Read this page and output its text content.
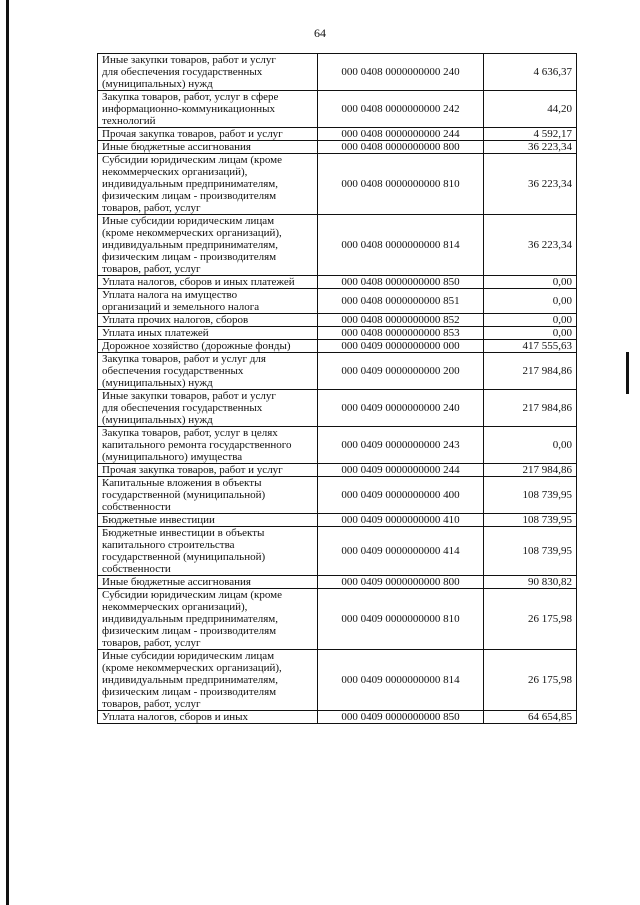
64
Иные закупки товаров, работ и услуг
для обеспечения государственных
(муниципальных) нужд	000 0408 0000000000 240	4 636,37
Закупка товаров, работ, услуг в сфере
информационно-коммуникационных
технологий	000 0408 0000000000 242	44,20
Прочая закупка товаров, работ и услуг	000 0408 0000000000 244	4 592,17
Иные бюджетные ассигнования	000 0408 0000000000 800	36 223,34
Субсидии юридическим лицам (кроме
некоммерческих организаций),
индивидуальным предпринимателям,
физическим лицам - производителям
товаров, работ, услуг	000 0408 0000000000 810	36 223,34
Иные субсидии юридическим лицам
(кроме некоммерческих организаций),
индивидуальным предпринимателям,
физическим лицам - производителям
товаров, работ, услуг	000 0408 0000000000 814	36 223,34
Уплата налогов, сборов и иных платежей	000 0408 0000000000 850	0,00
Уплата налога на имущество
организаций и земельного налога	000 0408 0000000000 851	0,00
Уплата прочих налогов, сборов	000 0408 0000000000 852	0,00
Уплата иных платежей	000 0408 0000000000 853	0,00
Дорожное хозяйство (дорожные фонды)	000 0409 0000000000 000	417 555,63
Закупка товаров, работ и услуг для
обеспечения государственных
(муниципальных) нужд	000 0409 0000000000 200	217 984,86
Иные закупки товаров, работ и услуг
для обеспечения государственных
(муниципальных) нужд	000 0409 0000000000 240	217 984,86
Закупка товаров, работ, услуг в целях
капитального ремонта государственного
(муниципального) имущества	000 0409 0000000000 243	0,00
Прочая закупка товаров, работ и услуг	000 0409 0000000000 244	217 984,86
Капитальные вложения в объекты
государственной (муниципальной)
собственности	000 0409 0000000000 400	108 739,95
Бюджетные инвестиции	000 0409 0000000000 410	108 739,95
Бюджетные инвестиции в объекты
капитального строительства
государственной (муниципальной)
собственности	000 0409 0000000000 414	108 739,95
Иные бюджетные ассигнования	000 0409 0000000000 800	90 830,82
Субсидии юридическим лицам (кроме
некоммерческих организаций),
индивидуальным предпринимателям,
физическим лицам - производителям
товаров, работ, услуг	000 0409 0000000000 810	26 175,98
Иные субсидии юридическим лицам
(кроме некоммерческих организаций),
индивидуальным предпринимателям,
физическим лицам - производителям
товаров, работ, услуг	000 0409 0000000000 814	26 175,98
Уплата налогов, сборов и иных	000 0409 0000000000 850	64 654,85
